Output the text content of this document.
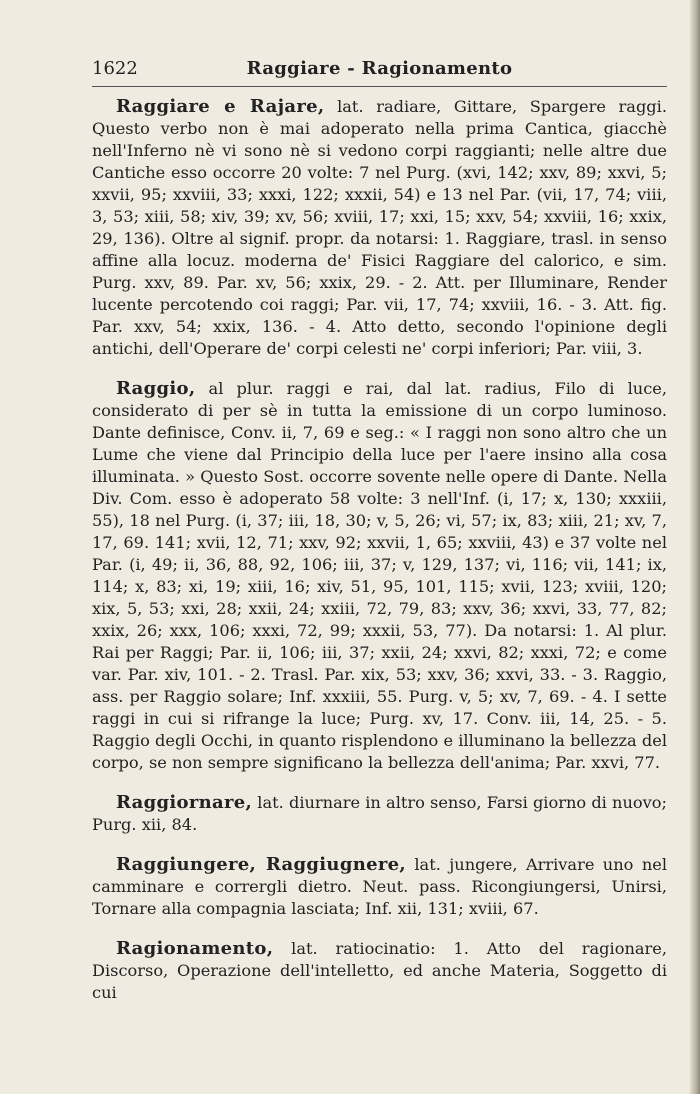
1622	Raggiare - Ragionamento

Raggiare e Rajare, lat. radiare, Gittare, Spargere raggi. Questo verbo non è mai adoperato nella prima Cantica, giacchè nell'Inferno nè vi sono nè si vedono corpi raggianti; nelle altre due Cantiche esso occorre 20 volte: 7 nel Purg. (xvi, 142; xxv, 89; xxvi, 5; xxvii, 95; xxviii, 33; xxxi, 122; xxxii, 54) e 13 nel Par. (vii, 17, 74; viii, 3, 53; xiii, 58; xiv, 39; xv, 56; xviii, 17; xxi, 15; xxv, 54; xxviii, 16; xxix, 29, 136). Oltre al signif. propr. da notarsi: 1. Raggiare, trasl. in senso affine alla locuz. moderna de' Fisici Raggiare del calorico, e sim. Purg. xxv, 89. Par. xv, 56; xxix, 29. - 2. Att. per Illuminare, Render lucente percotendo coi raggi; Par. vii, 17, 74; xxviii, 16. - 3. Att. fig. Par. xxv, 54; xxix, 136. - 4. Atto detto, secondo l'opinione degli antichi, dell'Operare de' corpi celesti ne' corpi inferiori; Par. viii, 3.

Raggio, al plur. raggi e rai, dal lat. radius, Filo di luce, considerato di per sè in tutta la emissione di un corpo luminoso. Dante definisce, Conv. ii, 7, 69 e seg.: « I raggi non sono altro che un Lume che viene dal Principio della luce per l'aere insino alla cosa illuminata. » Questo Sost. occorre sovente nelle opere di Dante. Nella Div. Com. esso è adoperato 58 volte: 3 nell'Inf. (i, 17; x, 130; xxxiii, 55), 18 nel Purg. (i, 37; iii, 18, 30; v, 5, 26; vi, 57; ix, 83; xiii, 21; xv, 7, 17, 69. 141; xvii, 12, 71; xxv, 92; xxvii, 1, 65; xxviii, 43) e 37 volte nel Par. (i, 49; ii, 36, 88, 92, 106; iii, 37; v, 129, 137; vi, 116; vii, 141; ix, 114; x, 83; xi, 19; xiii, 16; xiv, 51, 95, 101, 115; xvii, 123; xviii, 120; xix, 5, 53; xxi, 28; xxii, 24; xxiii, 72, 79, 83; xxv, 36; xxvi, 33, 77, 82; xxix, 26; xxx, 106; xxxi, 72, 99; xxxii, 53, 77). Da notarsi: 1. Al plur. Rai per Raggi; Par. ii, 106; iii, 37; xxii, 24; xxvi, 82; xxxi, 72; e come var. Par. xiv, 101. - 2. Trasl. Par. xix, 53; xxv, 36; xxvi, 33. - 3. Raggio, ass. per Raggio solare; Inf. xxxiii, 55. Purg. v, 5; xv, 7, 69. - 4. I sette raggi in cui si rifrange la luce; Purg. xv, 17. Conv. iii, 14, 25. - 5. Raggio degli Occhi, in quanto risplendono e illuminano la bellezza del corpo, se non sempre significano la bellezza dell'anima; Par. xxvi, 77.

Raggiornare, lat. diurnare in altro senso, Farsi giorno di nuovo; Purg. xii, 84.

Raggiungere, Raggiugnere, lat. jungere, Arrivare uno nel camminare e corrergli dietro. Neut. pass. Ricongiungersi, Unirsi, Tornare alla compagnia lasciata; Inf. xii, 131; xviii, 67.

Ragionamento, lat. ratiocinatio: 1. Atto del ragionare, Discorso, Operazione dell'intelletto, ed anche Materia, Soggetto di cui
